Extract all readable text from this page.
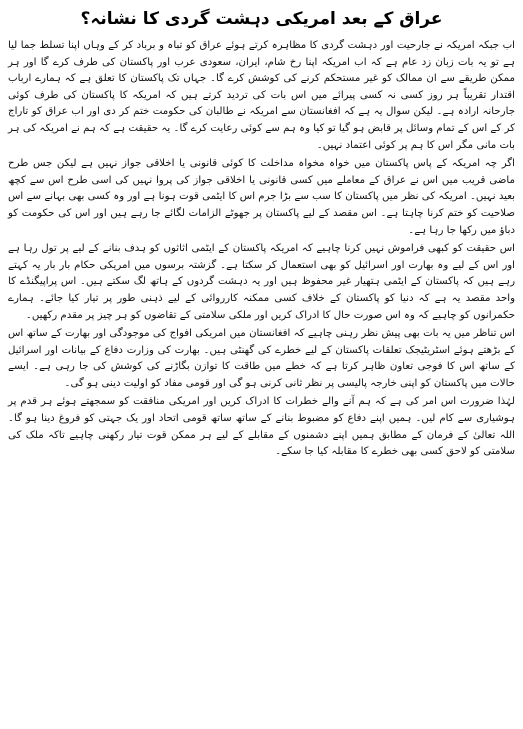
عراق کے بعد امریکی دہشت گردی کا نشانہ؟

اب جبکہ امریکہ نے جارحیت اور دہشت گردی کا مظاہرہ کرتے ہوئے عراق کو تباہ و برباد کر کے وہاں اپنا تسلط جما لیا ہے تو یہ بات زبان زد عام ہے کہ اب امریکہ اپنا رخ شام، ایران، سعودی عرب اور پاکستان کی طرف کرے گا اور ہر ممکن طریقے سے ان ممالک کو غیر مستحکم کرنے کی کوشش کرے گا۔ جہاں تک پاکستان کا تعلق ہے کہ ہمارے ارباب اقتدار تقریباً ہر روز کسی نہ کسی پیرائے میں اس بات کی تردید کرتے ہیں کہ امریکہ کا پاکستان کی طرف کوئی جارحانہ ارادہ ہے۔ لیکن سوال یہ ہے کہ افغانستان سے امریکہ نے طالبان کی حکومت ختم کر دی اور اب عراق کو تاراج کر کے اس کے تمام وسائل پر قابض ہو گیا تو کیا وہ ہم سے کوئی رعایت کرے گا۔ یہ حقیقت ہے کہ ہم نے امریکہ کی ہر بات مانی مگر اس کا ہم پر کوئی اعتماد نہیں۔

اگر چہ امریکہ کے پاس پاکستان میں خواہ مخواہ مداخلت کا کوئی قانونی یا اخلاقی جواز نہیں ہے لیکن جس طرح ماضی قریب میں اس نے عراق کے معاملے میں کسی قانونی یا اخلاقی جواز کی پروا نہیں کی اسی طرح اس سے کچھ بعید نہیں۔ امریکہ کی نظر میں پاکستان کا سب سے بڑا جرم اس کا ایٹمی قوت ہونا ہے اور وہ کسی بھی بہانے سے اس صلاحیت کو ختم کرنا چاہتا ہے۔ اس مقصد کے لیے پاکستان پر جھوٹے الزامات لگائے جا رہے ہیں اور اس کی حکومت کو دباؤ میں رکھا جا رہا ہے۔

اس حقیقت کو کبھی فراموش نہیں کرنا چاہیے کہ امریکہ پاکستان کے ایٹمی اثاثوں کو ہدف بنانے کے لیے پر تول رہا ہے اور اس کے لیے وہ بھارت اور اسرائیل کو بھی استعمال کر سکتا ہے۔ گزشتہ برسوں میں امریکی حکام بار بار یہ کہتے رہے ہیں کہ پاکستان کے ایٹمی ہتھیار غیر محفوظ ہیں اور یہ دہشت گردوں کے ہاتھ لگ سکتے ہیں۔ اس پراپیگنڈے کا واحد مقصد یہ ہے کہ دنیا کو پاکستان کے خلاف کسی ممکنہ کارروائی کے لیے ذہنی طور پر تیار کیا جائے۔ ہمارے حکمرانوں کو چاہیے کہ وہ اس صورت حال کا ادراک کریں اور ملکی سلامتی کے تقاضوں کو ہر چیز پر مقدم رکھیں۔

اس تناظر میں یہ بات بھی پیش نظر رہنی چاہیے کہ افغانستان میں امریکی افواج کی موجودگی اور بھارت کے ساتھ اس کے بڑھتے ہوئے اسٹریٹیجک تعلقات پاکستان کے لیے خطرے کی گھنٹی ہیں۔ بھارت کی وزارت دفاع کے بیانات اور اسرائیل کے ساتھ اس کا فوجی تعاون ظاہر کرتا ہے کہ خطے میں طاقت کا توازن بگاڑنے کی کوشش کی جا رہی ہے۔ ایسے حالات میں پاکستان کو اپنی خارجہ پالیسی پر نظر ثانی کرنی ہو گی اور قومی مفاد کو اولیت دینی ہو گی۔

لہٰذا ضرورت اس امر کی ہے کہ ہم آنے والے خطرات کا ادراک کریں اور امریکی منافقت کو سمجھتے ہوئے ہر قدم پر ہوشیاری سے کام لیں۔ ہمیں اپنے دفاع کو مضبوط بنانے کے ساتھ ساتھ قومی اتحاد اور یک جہتی کو فروغ دینا ہو گا۔ اللہ تعالیٰ کے فرمان کے مطابق ہمیں اپنے دشمنوں کے مقابلے کے لیے ہر ممکن قوت تیار رکھنی چاہیے تاکہ ملک کی سلامتی کو لاحق کسی بھی خطرے کا مقابلہ کیا جا سکے۔
